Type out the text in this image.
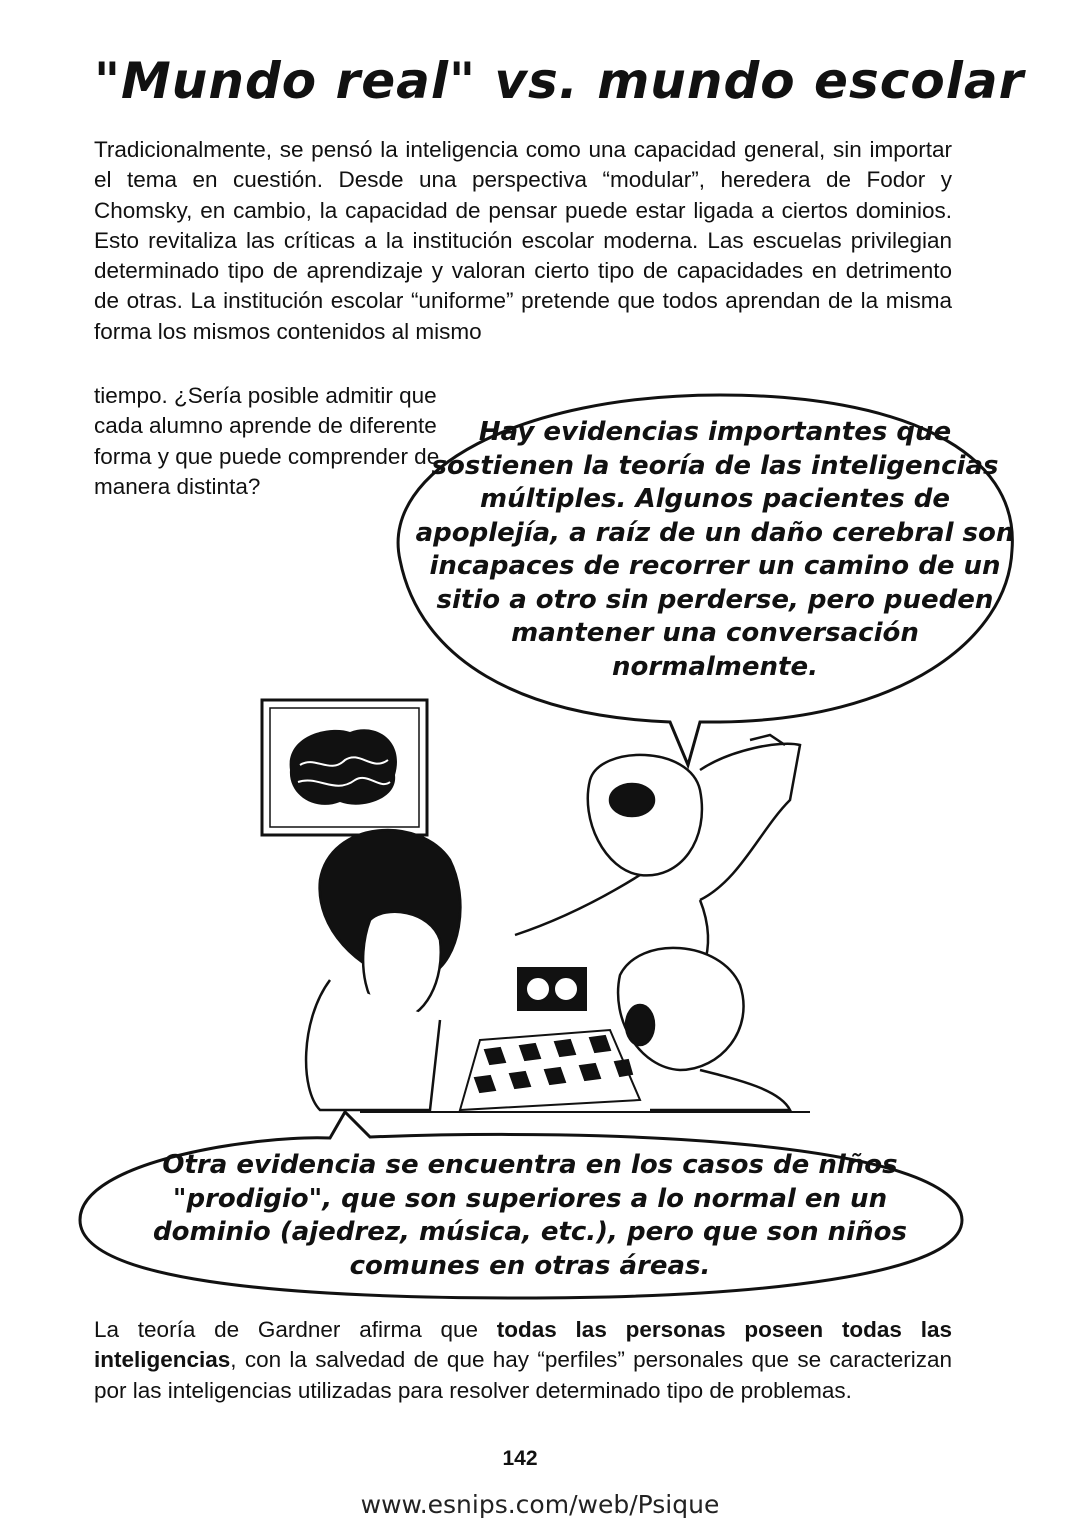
"Mundo real" vs. mundo escolar

Tradicionalmente, se pensó la inteligencia como una capacidad general, sin importar el tema en cuestión. Desde una perspectiva “modular”, heredera de Fodor y Chomsky, en cambio, la capacidad de pensar puede estar ligada a ciertos dominios. Esto revitaliza las críticas a la institución escolar moderna. Las escuelas privilegian determinado tipo de aprendizaje y valoran cierto tipo de capacidades en detrimento de otras. La institución escolar “uniforme” pretende que todos aprendan de la misma forma los mismos contenidos al mismo

tiempo. ¿Sería posible admitir que cada alumno aprende de diferente forma y que puede comprender de manera distinta?

Hay evidencias importantes que sostienen la teoría de las inteligencias múltiples. Algunos pacientes de apoplejía, a raíz de un daño cerebral son incapaces de recorrer un camino de un sitio a otro sin perderse, pero pueden mantener una conversación normalmente.

Otra evidencia se encuentra en los casos de niños "prodigio", que son superiores a lo normal en un dominio (ajedrez, música, etc.), pero que son niños comunes en otras áreas.

La teoría de Gardner afirma que todas las personas poseen todas las inteligencias, con la salvedad de que hay “perfiles” personales que se caracterizan por las inteligencias utilizadas para resolver determinado tipo de problemas.

142
www.esnips.com/web/Psique
